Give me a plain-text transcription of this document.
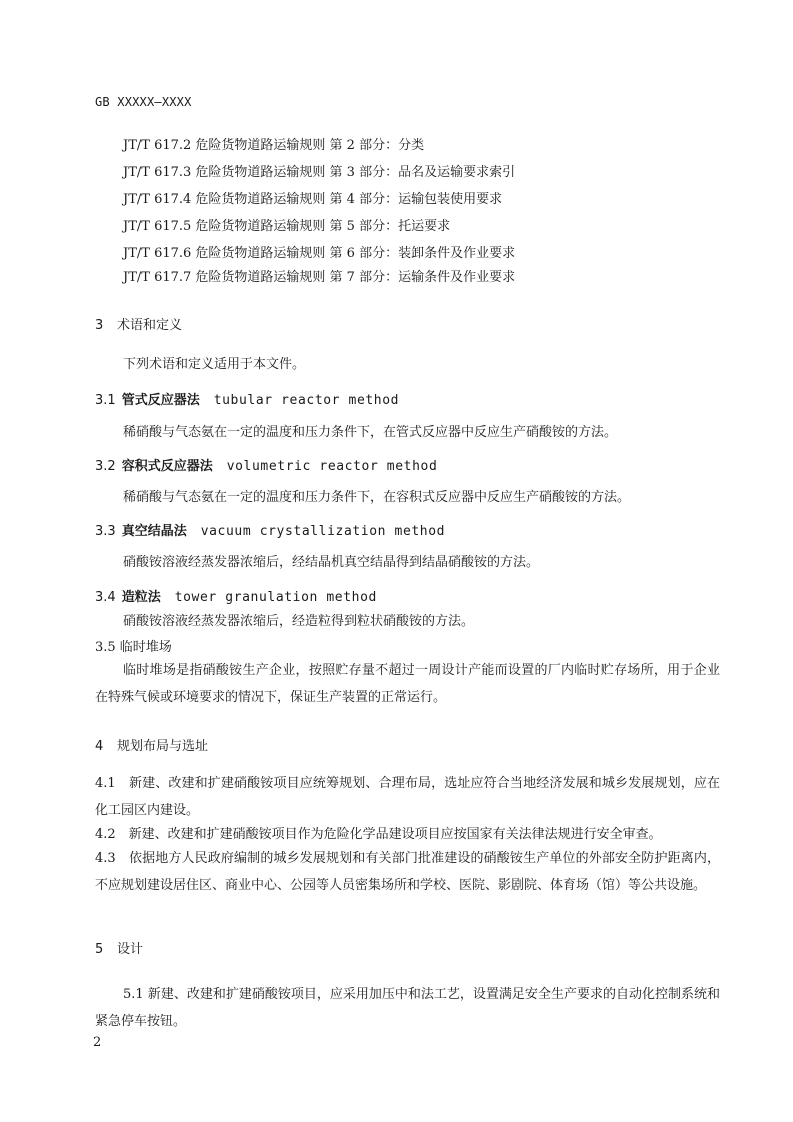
GB XXXXX—XXXX
JT/T 617.2 危险货物道路运输规则 第 2 部分：分类
JT/T 617.3 危险货物道路运输规则 第 3 部分：品名及运输要求索引
JT/T 617.4 危险货物道路运输规则 第 4 部分：运输包装使用要求
JT/T 617.5 危险货物道路运输规则 第 5 部分：托运要求
JT/T 617.6 危险货物道路运输规则 第 6 部分：装卸条件及作业要求
JT/T 617.7 危险货物道路运输规则 第 7 部分：运输条件及作业要求
3 术语和定义
下列术语和定义适用于本文件。
3.1 管式反应器法 tubular reactor method
稀硝酸与气态氨在一定的温度和压力条件下，在管式反应器中反应生产硝酸铵的方法。
3.2 容积式反应器法 volumetric reactor method
稀硝酸与气态氨在一定的温度和压力条件下，在容积式反应器中反应生产硝酸铵的方法。
3.3 真空结晶法 vacuum crystallization method
硝酸铵溶液经蒸发器浓缩后，经结晶机真空结晶得到结晶硝酸铵的方法。
3.4 造粒法 tower granulation method
硝酸铵溶液经蒸发器浓缩后，经造粒得到粒状硝酸铵的方法。
3.5 临时堆场
临时堆场是指硝酸铵生产企业，按照贮存量不超过一周设计产能而设置的厂内临时贮存场所，用于企业在特殊气候或环境要求的情况下，保证生产装置的正常运行。
4 规划布局与选址
4.1　新建、改建和扩建硝酸铵项目应统筹规划、合理布局，选址应符合当地经济发展和城乡发展规划，应在化工园区内建设。
4.2　新建、改建和扩建硝酸铵项目作为危险化学品建设项目应按国家有关法律法规进行安全审查。
4.3　依据地方人民政府编制的城乡发展规划和有关部门批准建设的硝酸铵生产单位的外部安全防护距离内，不应规划建设居住区、商业中心、公园等人员密集场所和学校、医院、影剧院、体育场（馆）等公共设施。
5 设计
5.1 新建、改建和扩建硝酸铵项目，应采用加压中和法工艺，设置满足安全生产要求的自动化控制系统和紧急停车按钮。
2
